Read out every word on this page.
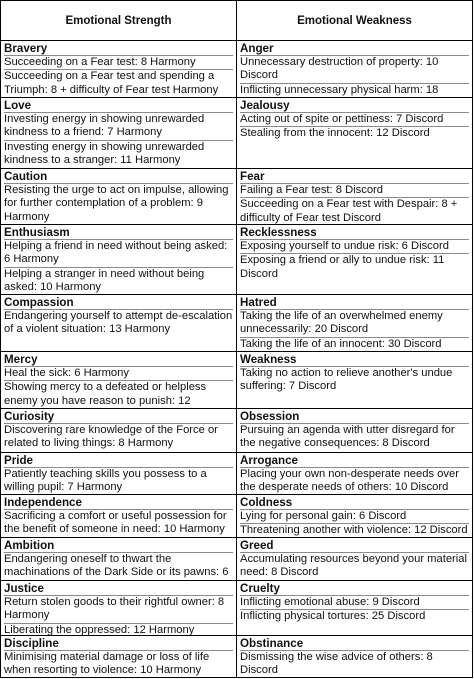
Emotional Strength	Emotional Weakness
Bravery
Succeeding on a Fear test: 8 Harmony
Succeeding on a Fear test and spending a Triumph: 8 + difficulty of Fear test Harmony
Anger
Unnecessary destruction of property: 10 Discord
Inflicting unnecessary physical harm: 18
Love
Investing energy in showing unrewarded kindness to a friend: 7 Harmony
Investing energy in showing unrewarded kindness to a stranger: 11 Harmony
Jealousy
Acting out of spite or pettiness: 7 Discord
Stealing from the innocent: 12 Discord
Caution
Resisting the urge to act on impulse, allowing for further contemplation of a problem: 9 Harmony
Fear
Failing a Fear test: 8 Discord
Succeeding on a Fear test with Despair: 8 + difficulty of Fear test Discord
Enthusiasm
Helping a friend in need without being asked: 6 Harmony
Helping a stranger in need without being asked: 10 Harmony
Recklessness
Exposing yourself to undue risk: 6 Discord
Exposing a friend or ally to undue risk: 11 Discord
Compassion
Endangering yourself to attempt de-escalation of a violent situation: 13 Harmony
Hatred
Taking the life of an overwhelmed enemy unnecessarily: 20 Discord
Taking the life of an innocent: 30 Discord
Mercy
Heal the sick: 6 Harmony
Showing mercy to a defeated or helpless enemy you have reason to punish: 12
Weakness
Taking no action to relieve another's undue suffering: 7 Discord
Curiosity
Discovering rare knowledge of the Force or related to living things: 8 Harmony
Obsession
Pursuing an agenda with utter disregard for the negative consequences: 8 Discord
Pride
Patiently teaching skills you possess to a willing pupil: 7 Harmony
Arrogance
Placing your own non-desperate needs over the desperate needs of others: 10 Discord
Independence
Sacrificing a comfort or useful possession for the benefit of someone in need: 10 Harmony
Coldness
Lying for personal gain: 6 Discord
Threatening another with violence: 12 Discord
Ambition
Endangering oneself to thwart the machinations of the Dark Side or its pawns: 6
Greed
Accumulating resources beyond your material need: 8 Discord
Justice
Return stolen goods to their rightful owner: 8 Harmony
Liberating the oppressed: 12 Harmony
Cruelty
Inflicting emotional abuse: 9 Discord
Inflicting physical tortures: 25 Discord
Discipline
Minimising material damage or loss of life when resorting to violence: 10 Harmony
Obstinance
Dismissing the wise advice of others: 8 Discord
